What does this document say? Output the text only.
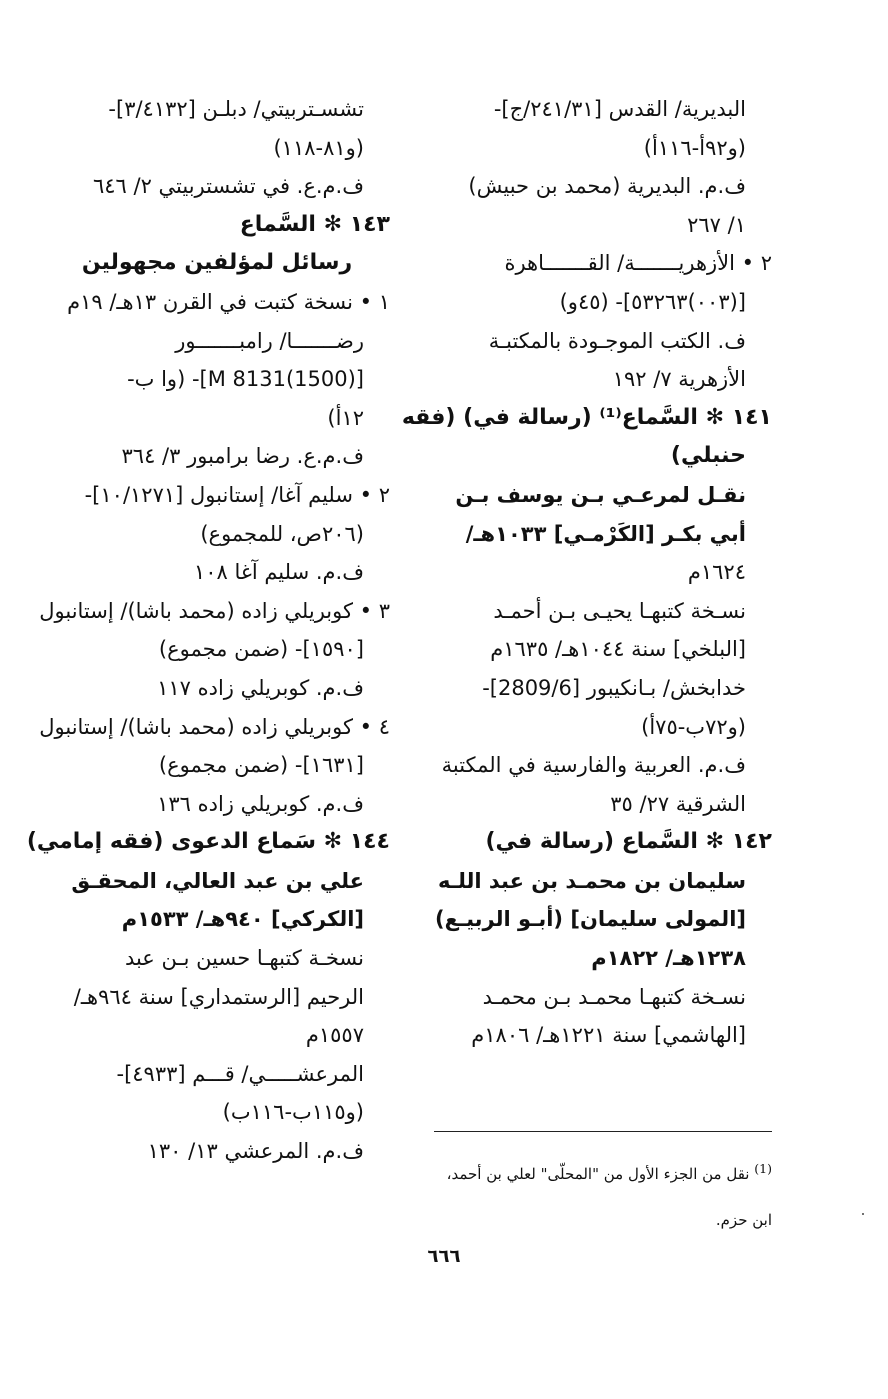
البديرية/ القدس [٢٤١/٣١/ج]-
(و٩٢أ-١١٦أ)
ف.م. البديرية (محمد بن حبيش)
١/ ٢٦٧
٢ • الأزهريـــــــة/ القـــــــاهرة
[(٠٠٣)٥٣٢٦٣]- (٤٥و)
ف. الكتب الموجـودة بالمكتبـة
الأزهرية ٧/ ١٩٢
١٤١ ✻ السَّماع⁽¹⁾ (رسالة في) (فقه
حنبلي)
نقـل لمرعـي بـن يوسف بـن
أبي بكـر [الكَرْمـي] ١٠٣٣هـ/
١٦٢٤م
نسـخة كتبهـا يحيـى بـن أحمـد
[البلخي] سنة ١٠٤٤هـ/ ١٦٣٥م
خدابخش/ بـانكيبور [2809/6]-
(و٧٢ب-٧٥أ)
ف.م. العربية والفارسية في المكتبة
الشرقية ٢٧/ ٣٥
١٤٢ ✻ السَّماع (رسالة في)
سليمان بن محمـد بن عبد اللـه
[المولى سليمان] (أبـو الربيـع)
١٢٣٨هـ/ ١٨٢٢م
نسـخة كتبهـا محمـد بـن محمـد
[الهاشمي] سنة ١٢٢١هـ/ ١٨٠٦م
تشسـتربيتي/ دبلـن [٣/٤١٣٢]-
(و٨١-١١٨)
ف.م.ع. في تشستربيتي ٢/ ٦٤٦
١٤٣ ✻ السَّماع
رسائل لمؤلفين مجهولين
١ • نسخة كتبت في القرن ١٣هـ/ ١٩م
رضـــــــا/ رامبـــــــور
[M 8131(1500)]- (وا ب-
١٢أ)
ف.م.ع. رضا برامبور ٣/ ٣٦٤
٢ • سليم آغا/ إستانبول [١٠/١٢٧١]-
(٢٠٦ص، للمجموع)
ف.م. سليم آغا ١٠٨
٣ • كوبريلي زاده (محمد باشا)/ إستانبول
[١٥٩٠]- (ضمن مجموع)
ف.م. كوبريلي زاده ١١٧
٤ • كوبريلي زاده (محمد باشا)/ إستانبول
[١٦٣١]- (ضمن مجموع)
ف.م. كوبريلي زاده ١٣٦
١٤٤ ✻ سَماع الدعوى (فقه إمامي)
علي بن عبد العالي، المحقـق
[الكركي] ٩٤٠هـ/ ١٥٣٣م
نسخـة كتبهـا حسين بـن عبد
الرحيم [الرستمداري] سنة ٩٦٤هـ/
١٥٥٧م
المرعشـــــي/ قـــم [٤٩٣٣]-
(و١١٥ب-١١٦ب)
ف.م. المرعشي ١٣/ ١٣٠
$^{(1)}$ نقل من الجزء الأول من "المحلّى" لعلي بن أحمد،
ابن حزم.
٦٦٦
